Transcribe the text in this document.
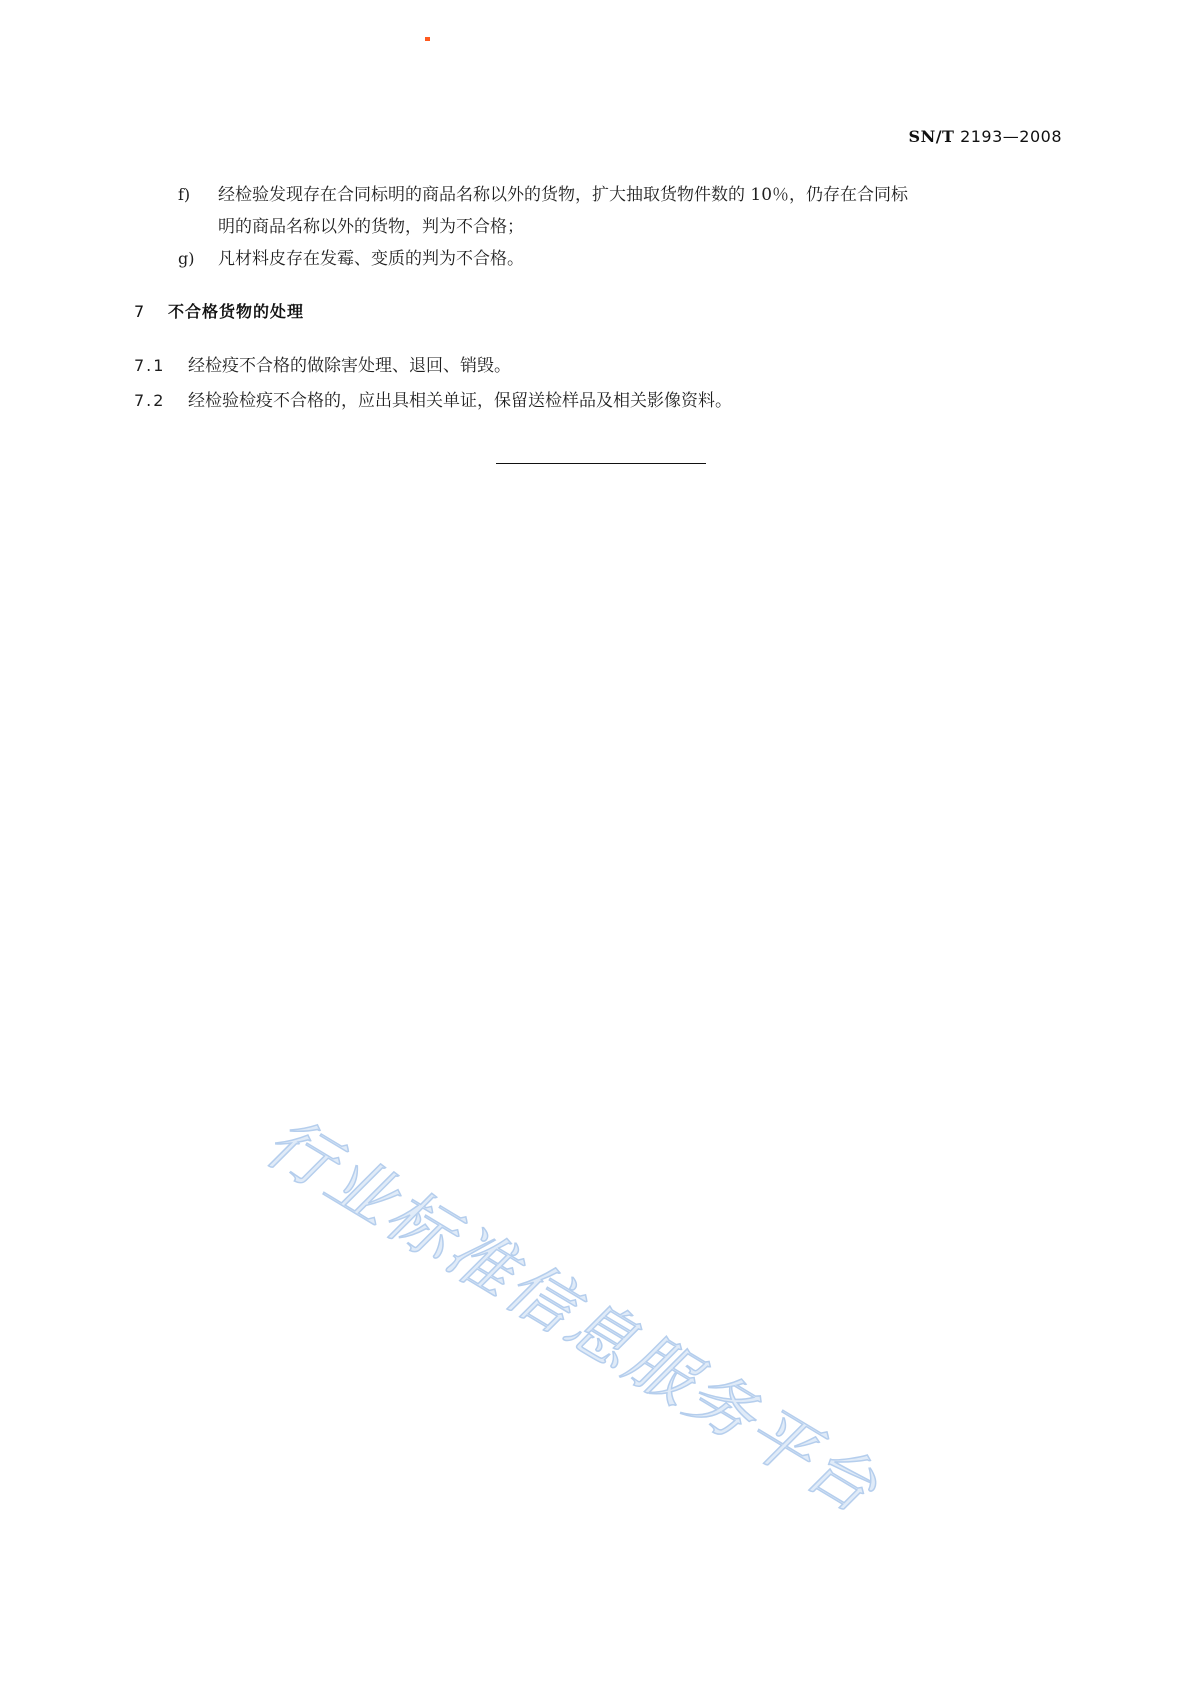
SN/T 2193—2008
f) 经检验发现存在合同标明的商品名称以外的货物，扩大抽取货物件数的 10％，仍存在合同标
明的商品名称以外的货物，判为不合格；
g) 凡材料皮存在发霉、变质的判为不合格。
7 不合格货物的处理
7.1 经检疫不合格的做除害处理、退回、销毁。
7.2 经检验检疫不合格的，应出具相关单证，保留送检样品及相关影像资料。
行业标准信息服务平台
